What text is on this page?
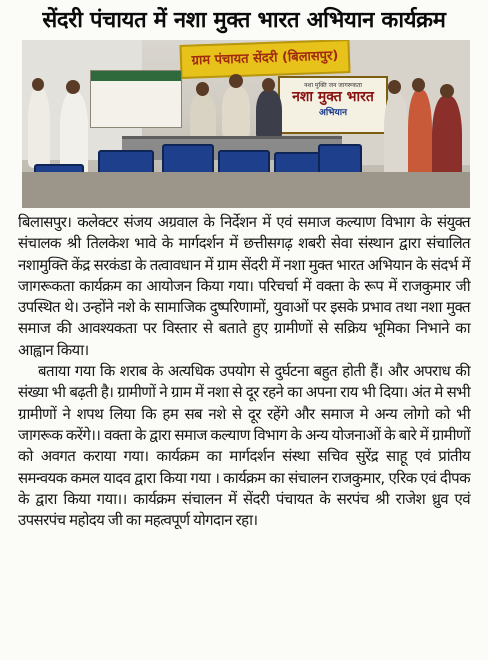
सेंदरी पंचायत में नशा मुक्त भारत अभियान कार्यक्रम
ग्राम पंचायत सेंदरी (बिलासपुर)
नशा मुक्ति जन जागरूकता
नशा मुक्त भारत
अभियान

बिलासपुर। कलेक्टर संजय अग्रवाल के निर्देशन में एवं समाज कल्याण विभाग के संयुक्त संचालक श्री तिलकेश भावे के मार्गदर्शन में छत्तीसगढ़ शबरी सेवा संस्थान द्वारा संचालित नशामुक्ति केंद्र सरकंडा के तत्वावधान में ग्राम सेंदरी में नशा मुक्त भारत अभियान के संदर्भ में जागरूकता कार्यक्रम का आयोजन किया गया। परिचर्चा में वक्ता के रूप में राजकुमार जी उपस्थित थे। उन्होंने नशे के सामाजिक दुष्परिणामों, युवाओं पर इसके प्रभाव तथा नशा मुक्त समाज की आवश्यकता पर विस्तार से बताते हुए ग्रामीणों से सक्रिय भूमिका निभाने का आह्वान किया।

बताया गया कि शराब के अत्यधिक उपयोग से दुर्घटना बहुत होती हैं। और अपराध की संख्या भी बढ़ती है। ग्रामीणों ने ग्राम में नशा से दूर रहने का अपना राय भी दिया। अंत मे सभी ग्रामीणों ने शपथ लिया कि हम सब नशे से दूर रहेंगे और समाज मे अन्य लोगो को भी जागरूक करेंगे।। वक्ता के द्वारा समाज कल्याण विभाग के अन्य योजनाओं के बारे में ग्रामीणों को अवगत कराया गया। कार्यक्रम का मार्गदर्शन संस्था सचिव सुरेंद्र साहू एवं प्रांतीय समन्वयक कमल यादव द्वारा किया गया । कार्यक्रम का संचालन राजकुमार, एरिक एवं दीपक के द्वारा किया गया।। कार्यक्रम संचालन में सेंदरी पंचायत के सरपंच श्री राजेश ध्रुव एवं उपसरपंच महोदय जी का महत्वपूर्ण योगदान रहा।
